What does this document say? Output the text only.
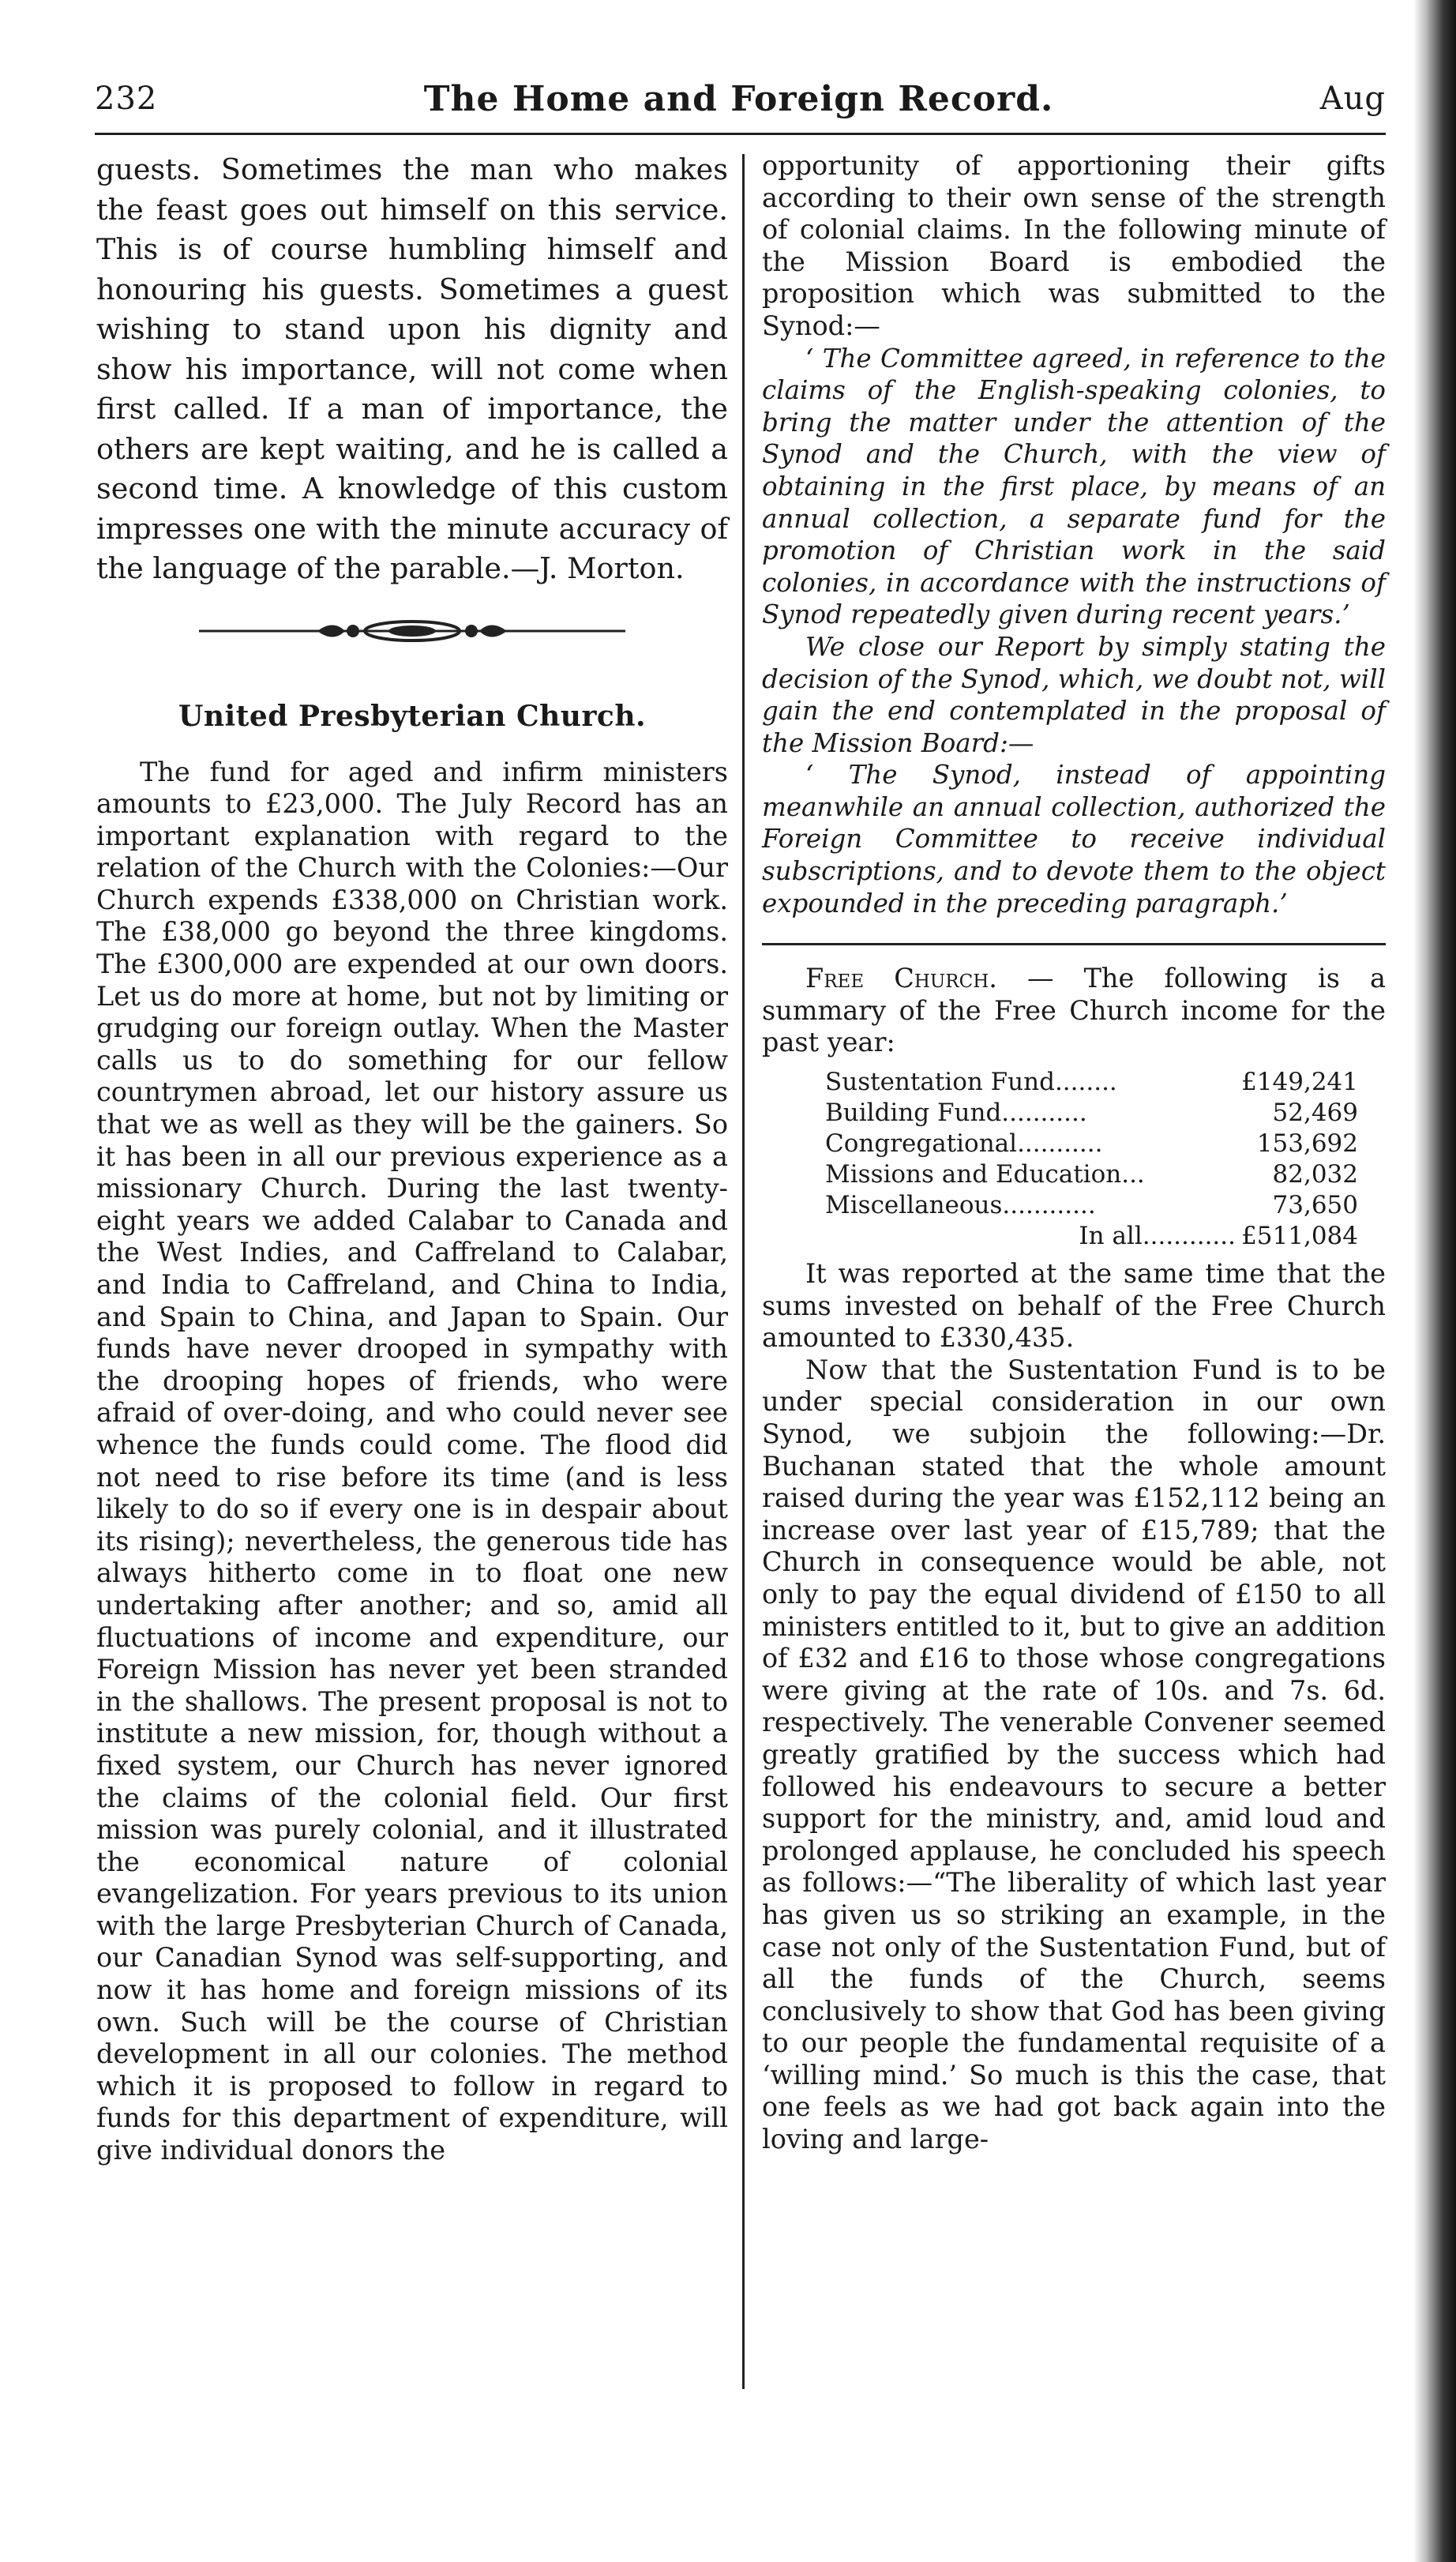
232	The Home and Foreign Record.	Aug

guests. Sometimes the man who makes the feast goes out himself on this service. This is of course humbling himself and honouring his guests. Sometimes a guest wishing to stand upon his dignity and show his importance, will not come when first called. If a man of importance, the others are kept waiting, and he is called a second time. A knowledge of this custom impresses one with the minute accuracy of the language of the parable.—J. Morton.

United Presbyterian Church.

The fund for aged and infirm ministers amounts to £23,000. The July Record has an important explanation with regard to the relation of the Church with the Colonies:—Our Church expends £338,000 on Christian work. The £38,000 go beyond the three kingdoms. The £300,000 are expended at our own doors. Let us do more at home, but not by limiting or grudging our foreign outlay. When the Master calls us to do something for our fellow countrymen abroad, let our history assure us that we as well as they will be the gainers. So it has been in all our previous experience as a missionary Church. During the last twenty-eight years we added Calabar to Canada and the West Indies, and Caffreland to Calabar, and India to Caffreland, and China to India, and Spain to China, and Japan to Spain. Our funds have never drooped in sympathy with the drooping hopes of friends, who were afraid of over-doing, and who could never see whence the funds could come. The flood did not need to rise before its time (and is less likely to do so if every one is in despair about its rising); nevertheless, the generous tide has always hitherto come in to float one new undertaking after another; and so, amid all fluctuations of income and expenditure, our Foreign Mission has never yet been stranded in the shallows. The present proposal is not to institute a new mission, for, though without a fixed system, our Church has never ignored the claims of the colonial field. Our first mission was purely colonial, and it illustrated the economical nature of colonial evangelization. For years previous to its union with the large Presbyterian Church of Canada, our Canadian Synod was self-supporting, and now it has home and foreign missions of its own. Such will be the course of Christian development in all our colonies. The method which it is proposed to follow in regard to funds for this department of expenditure, will give individual donors the

opportunity of apportioning their gifts according to their own sense of the strength of colonial claims. In the following minute of the Mission Board is embodied the proposition which was submitted to the Synod:—

‘ The Committee agreed, in reference to the claims of the English-speaking colonies, to bring the matter under the attention of the Synod and the Church, with the view of obtaining in the first place, by means of an annual collection, a separate fund for the promotion of Christian work in the said colonies, in accordance with the instructions of Synod repeatedly given during recent years.’

We close our Report by simply stating the decision of the Synod, which, we doubt not, will gain the end contemplated in the proposal of the Mission Board:—

‘ The Synod, instead of appointing meanwhile an annual collection, authorized the Foreign Committee to receive individual subscriptions, and to devote them to the object expounded in the preceding paragraph.’

Free Church. — The following is a summary of the Free Church income for the past year:

Sustentation Fund........	£149,241
Building Fund...........	52,469
Congregational...........	153,692
Missions and Education...	82,032
Miscellaneous............	73,650
In all............	£511,084

It was reported at the same time that the sums invested on behalf of the Free Church amounted to £330,435.

Now that the Sustentation Fund is to be under special consideration in our own Synod, we subjoin the following:—Dr. Buchanan stated that the whole amount raised during the year was £152,112 being an increase over last year of £15,789; that the Church in consequence would be able, not only to pay the equal dividend of £150 to all ministers entitled to it, but to give an addition of £32 and £16 to those whose congregations were giving at the rate of 10s. and 7s. 6d. respectively. The venerable Convener seemed greatly gratified by the success which had followed his endeavours to secure a better support for the ministry, and, amid loud and prolonged applause, he concluded his speech as follows:—“The liberality of which last year has given us so striking an example, in the case not only of the Sustentation Fund, but of all the funds of the Church, seems conclusively to show that God has been giving to our people the fundamental requisite of a ‘willing mind.’ So much is this the case, that one feels as we had got back again into the loving and large-
